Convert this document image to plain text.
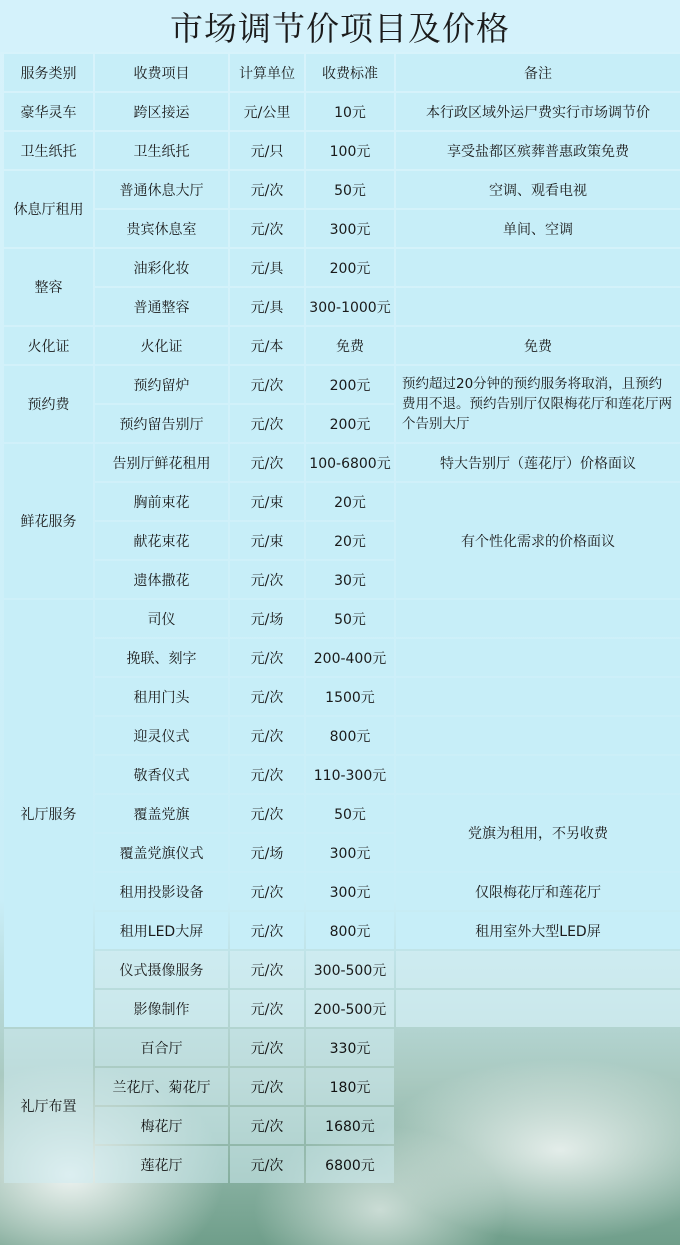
市场调节价项目及价格
服务类别	收费项目	计算单位	收费标准	备注
豪华灵车	跨区接运	元/公里	10元	本行政区域外运尸费实行市场调节价
卫生纸托	卫生纸托	元/只	100元	享受盐都区殡葬普惠政策免费
休息厅租用	普通休息大厅	元/次	50元	空调、观看电视
	贵宾休息室	元/次	300元	单间、空调
整容	油彩化妆	元/具	200元	
	普通整容	元/具	300-1000元	
火化证	火化证	元/本	免费	免费
预约费	预约留炉	元/次	200元	预约超过20分钟的预约服务将取消，且预约费用不退。预约告别厅仅限梅花厅和莲花厅两个告别大厅
	预约留告别厅	元/次	200元	
鲜花服务	告别厅鲜花租用	元/次	100-6800元	特大告别厅（莲花厅）价格面议
	胸前束花	元/束	20元	有个性化需求的价格面议
	献花束花	元/束	20元	
	遗体撒花	元/次	30元	
礼厅服务	司仪	元/场	50元	
	挽联、刻字	元/次	200-400元	
	租用门头	元/次	1500元	
	迎灵仪式	元/次	800元	
	敬香仪式	元/次	110-300元	
	覆盖党旗	元/次	50元	党旗为租用，不另收费
	覆盖党旗仪式	元/场	300元	
	租用投影设备	元/次	300元	仅限梅花厅和莲花厅
	租用LED大屏	元/次	800元	租用室外大型LED屏
	仪式摄像服务	元/次	300-500元	
	影像制作	元/次	200-500元	
礼厅布置	百合厅	元/次	330元	
	兰花厅、菊花厅	元/次	180元	
	梅花厅	元/次	1680元	
	莲花厅	元/次	6800元	
